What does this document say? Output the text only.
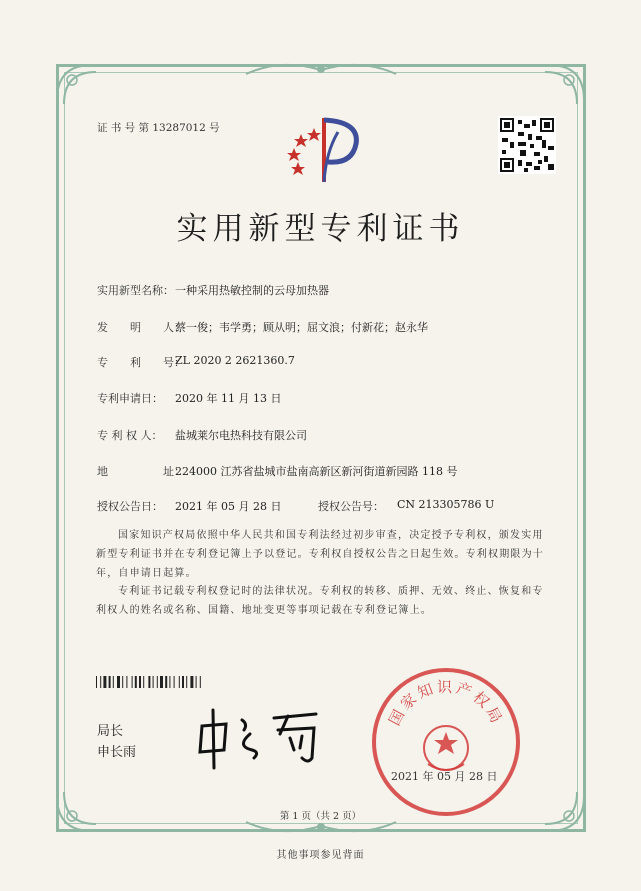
证 书 号 第 13287012 号
实用新型专利证书
实用新型名称： 一种采用热敏控制的云母加热器
发　　明　　人：
蔡一俊；韦学勇；顾从明；屈文浪；付新花；赵永华
专　　利　　号：
ZL 2020 2 2621360.7
专利申请日： 2020 年 11 月 13 日
专 利 权 人： 盐城莱尔电热科技有限公司
地　　　　　址：
224000 江苏省盐城市盐南高新区新河街道新园路 118 号
授权公告日： 2021 年 05 月 28 日	授权公告号： CN 213305786 U
国家知识产权局依照中华人民共和国专利法经过初步审查，决定授予专利权，颁发实用新型专利证书并在专利登记簿上予以登记。专利权自授权公告之日起生效。专利权期限为十年，自申请日起算。
专利证书记载专利权登记时的法律状况。专利权的转移、质押、无效、终止、恢复和专利权人的姓名或名称、国籍、地址变更等事项记载在专利登记簿上。
局长
申长雨
国家知识产权局
2021 年 05 月 28 日
第 1 页（共 2 页）
其他事项参见背面
